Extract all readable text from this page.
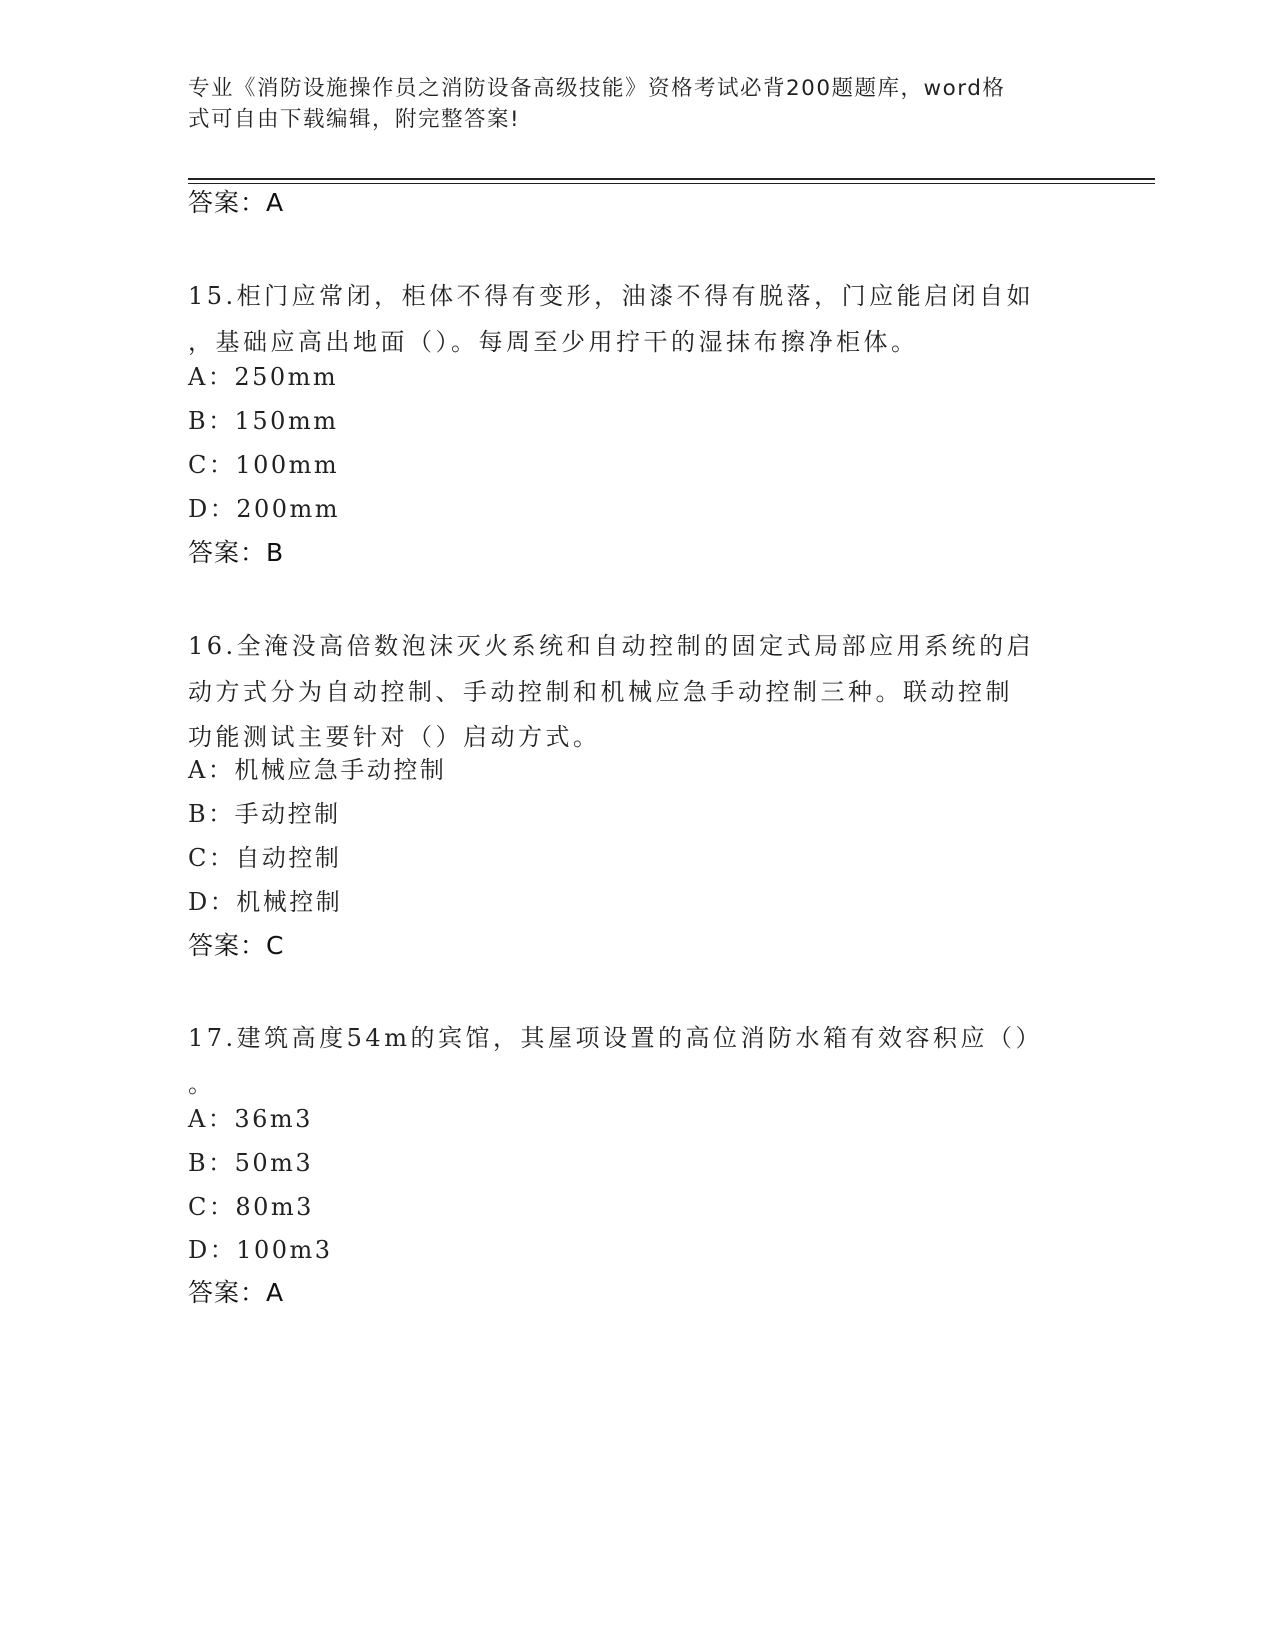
专业《消防设施操作员之消防设备高级技能》资格考试必背200题题库，word格
式可自由下载编辑，附完整答案!
答案：A
15.柜门应常闭，柜体不得有变形，油漆不得有脱落，门应能启闭自如
，基础应高出地面（）。每周至少用拧干的湿抹布擦净柜体。
A：250mm
B：150mm
C：100mm
D：200mm
答案：B
16.全淹没高倍数泡沫灭火系统和自动控制的固定式局部应用系统的启
动方式分为自动控制、手动控制和机械应急手动控制三种。联动控制
功能测试主要针对（）启动方式。
A：机械应急手动控制
B：手动控制
C：自动控制
D：机械控制
答案：C
17.建筑高度54m的宾馆，其屋项设置的高位消防水箱有效容积应（）
。
A：36m3
B：50m3
C：80m3
D：100m3
答案：A
